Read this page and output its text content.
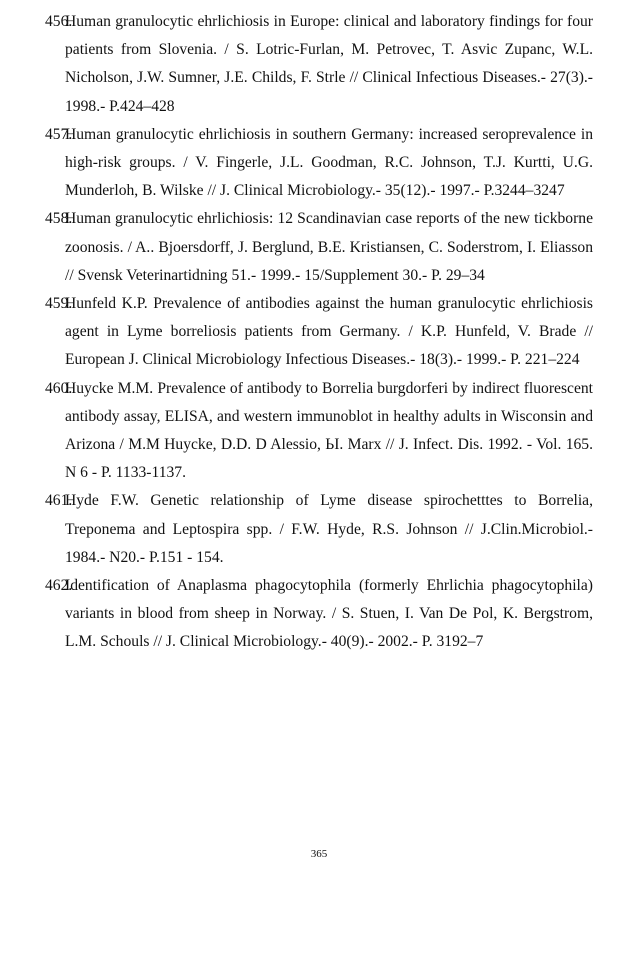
456.
Human granulocytic ehrlichiosis in Europe: clinical and laboratory findings for four patients from Slovenia. / S. Lotric-Furlan, M. Petrovec, T. Asvic Zupanc, W.L. Nicholson, J.W. Sumner, J.E. Childs, F. Strle // Clinical Infectious Diseases.- 27(3).- 1998.- P.424–428
457.
Human granulocytic ehrlichiosis in southern Germany: increased seroprevalence in high-risk groups. / V. Fingerle, J.L. Goodman, R.C. Johnson, T.J. Kurtti, U.G. Munderloh, B. Wilske // J. Clinical Microbiology.- 35(12).- 1997.- P.3244–3247
458.
Human granulocytic ehrlichiosis: 12 Scandinavian case reports of the new tickborne zoonosis. / A.. Bjoersdorff, J. Berglund, B.E. Kristiansen, C. Soderstrom, I. Eliasson // Svensk Veterinartidning 51.- 1999.- 15/Supplement 30.- P. 29–34
459.
Hunfeld K.P. Prevalence of antibodies against the human granulocytic ehrlichiosis agent in Lyme borreliosis patients from Germany. / K.P. Hunfeld, V. Brade // European J. Clinical Microbiology Infectious Diseases.- 18(3).- 1999.- P. 221–224
460.
Huycke M.M. Prevalence of antibody to Borrelia burgdorferi by indirect fluorescent antibody assay, ELISA, and western immunoblot in healthy adults in Wisconsin and Arizona / M.M Huycke, D.D. D Alessio, ЬI. Marx // J. Infect. Dis. 1992. - Vol. 165. N 6 - P. 1133-1137.
461.
Hyde F.W. Genetic relationship of Lyme disease spirochetttes to Borrelia, Treponema and Leptospira spp. / F.W. Hyde, R.S. Johnson // J.Clin.Microbiol.- 1984.- N20.- P.151 - 154.
462.
Identification of Anaplasma phagocytophila (formerly Ehrlichia phagocytophila) variants in blood from sheep in Norway. / S. Stuen, I. Van De Pol, K. Bergstrom, L.M. Schouls // J. Clinical Microbiology.- 40(9).- 2002.- P. 3192–7
365
